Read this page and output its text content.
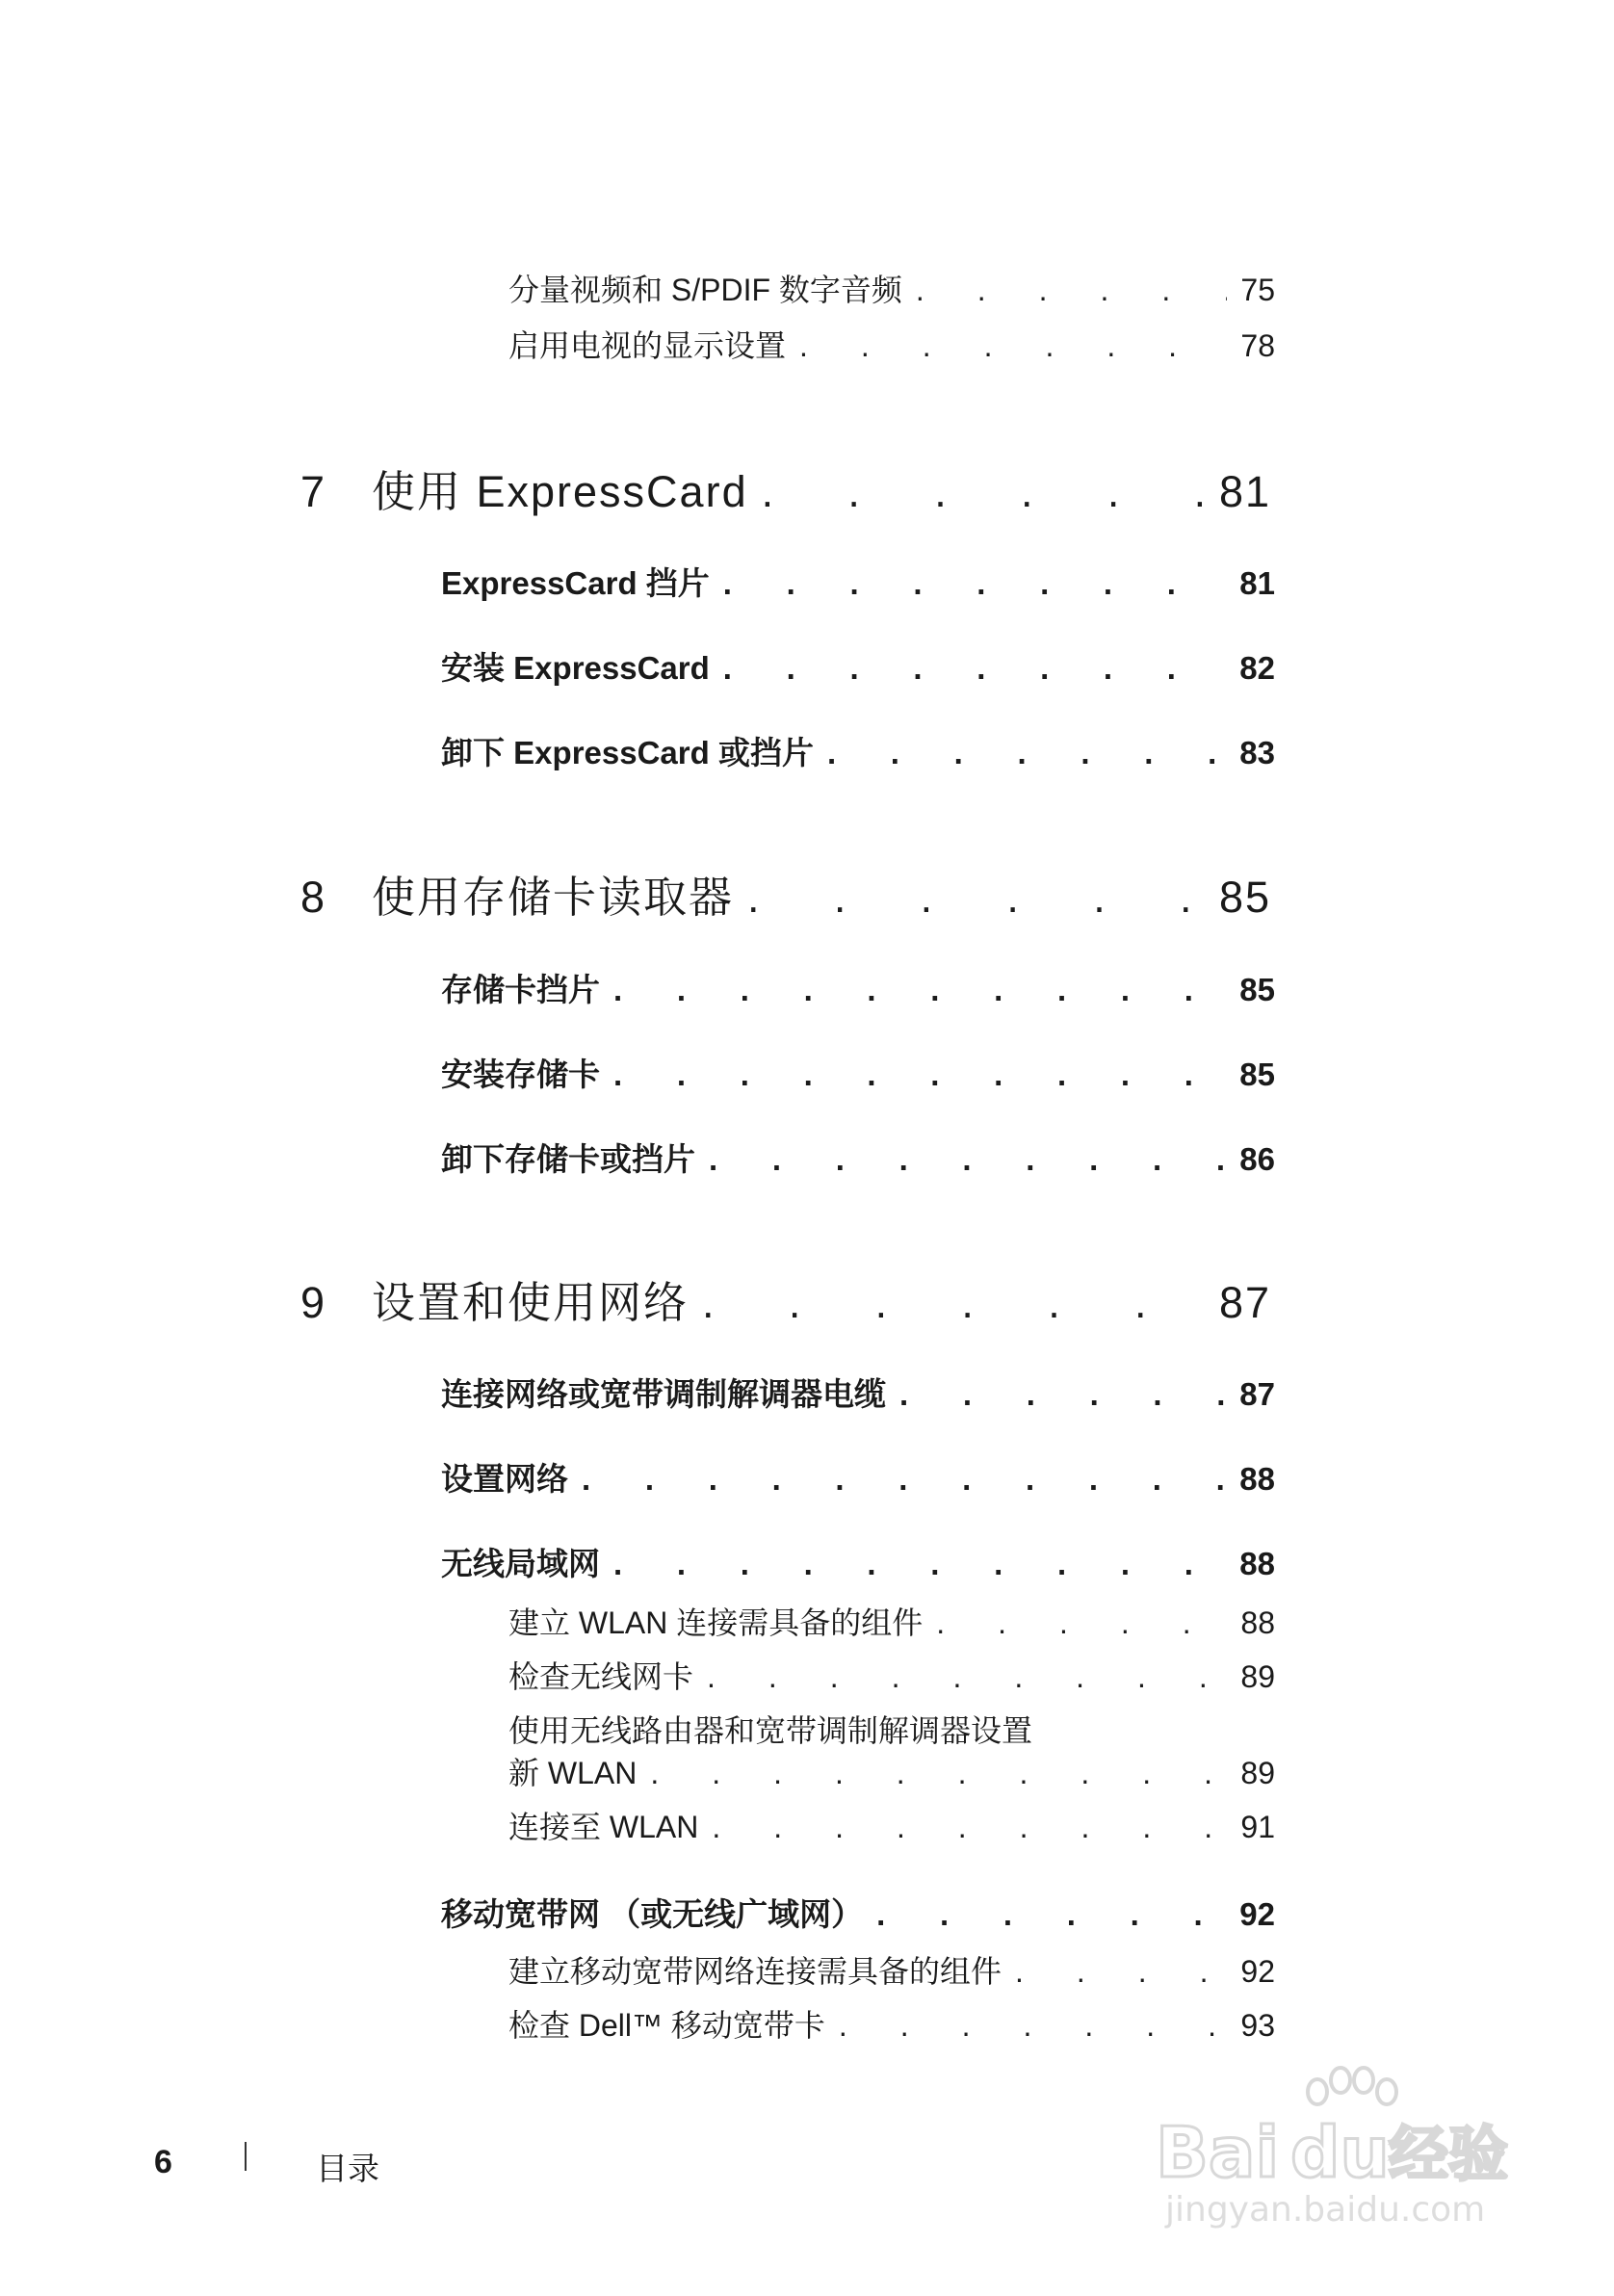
分量视频和 S/PDIF 数字音频 . . .	75
启用电视的显示设置 . . .	78
7	使用 ExpressCard . . .	81
ExpressCard 挡片 . . .	81
安装 ExpressCard . . .	82
卸下 ExpressCard 或挡片 . . .	83
8	使用存储卡读取器 . . .	85
存储卡挡片 . . .	85
安装存储卡 . . .	85
卸下存储卡或挡片 . . .	86
9	设置和使用网络 . . .	87
连接网络或宽带调制解调器电缆 . . .	87
设置网络 . . .	88
无线局域网 . . .	88
建立 WLAN 连接需具备的组件 . . .	88
检查无线网卡 . . .	89
使用无线路由器和宽带调制解调器设置
新 WLAN . . .	89
连接至 WLAN . . .	91
移动宽带网 （或无线广域网） . . .	92
建立移动宽带网络连接需具备的组件 . . .	92
检查 Dell™ 移动宽带卡 . . .	93
6	目录	Bai du 经验
jingyan.baidu.com
